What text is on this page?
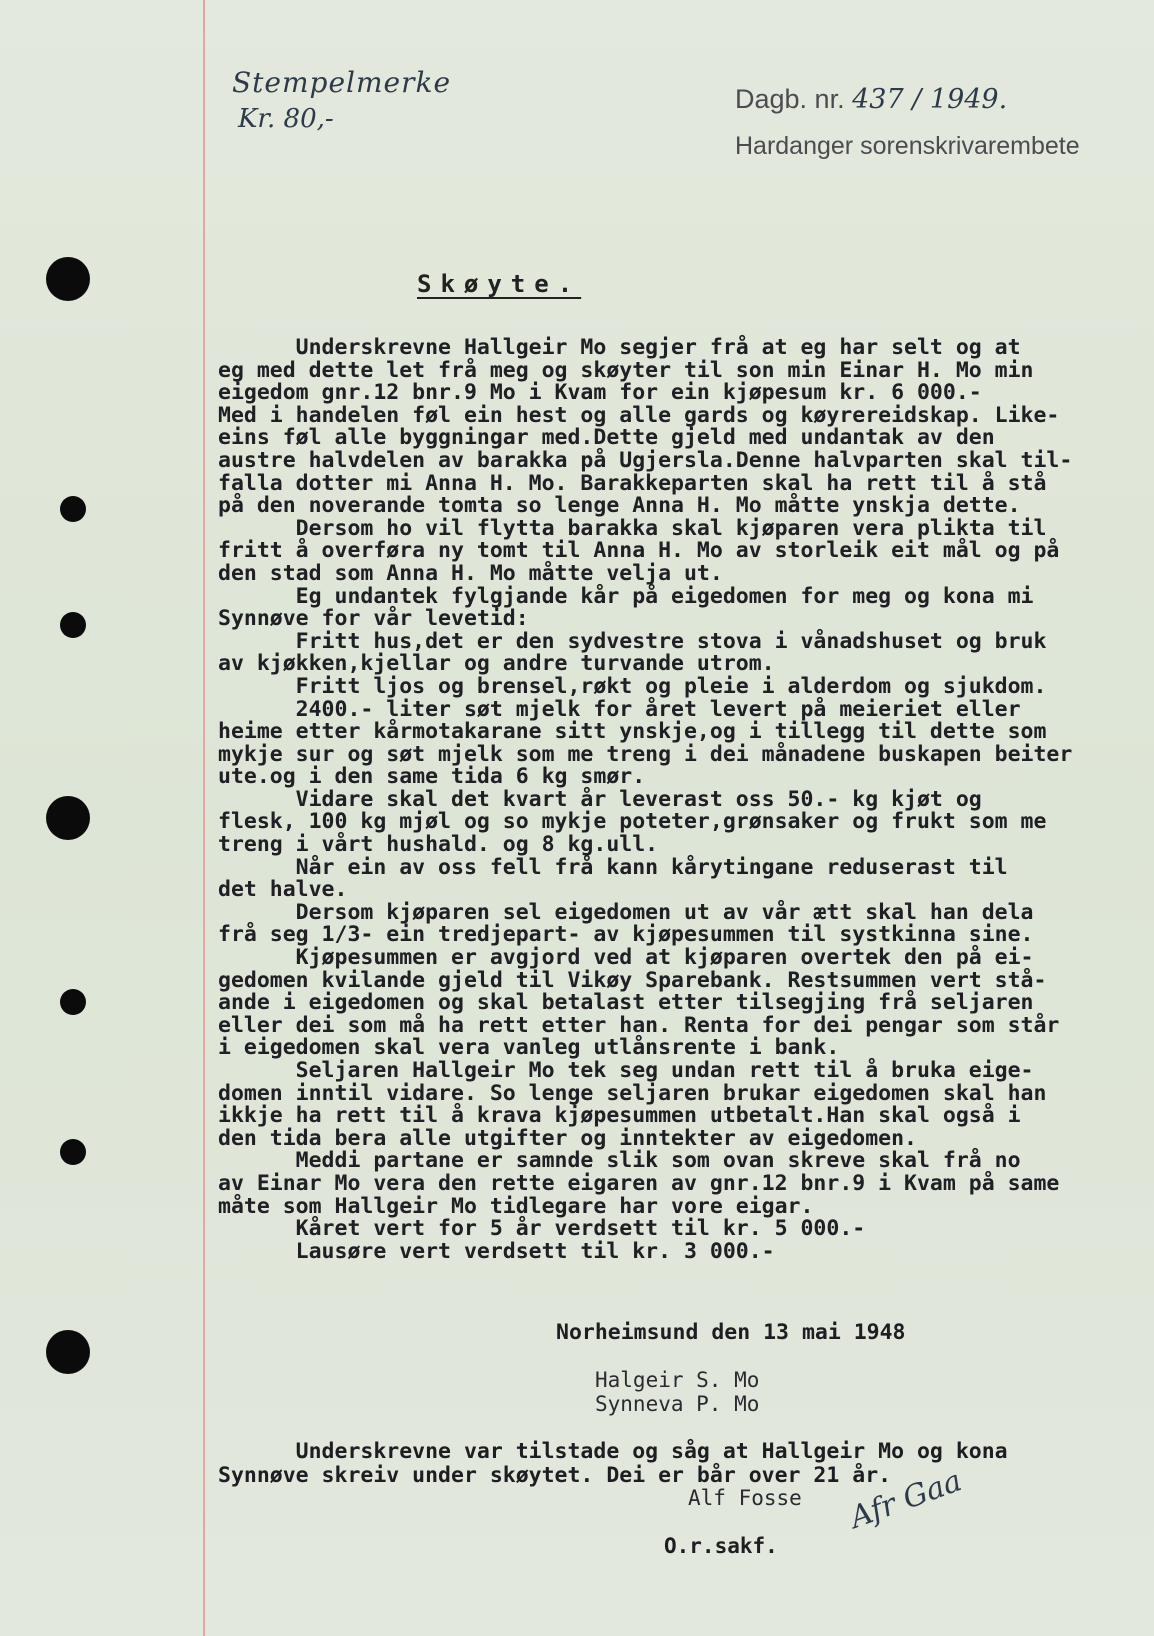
Stempelmerke
Kr. 80,-
Dagb. nr. 437 / 1949.
Hardanger sorenskrivarembete
Skøyte.
Underskrevne Hallgeir Mo segjer frå at eg har selt og at
eg med dette let frå meg og skøyter til son min Einar H. Mo min
eigedom gnr.12 bnr.9 Mo i Kvam for ein kjøpesum kr. 6 000.-
Med i handelen føl ein hest og alle gards og køyrereidskap. Like-
eins føl alle byggningar med.Dette gjeld med undantak av den
austre halvdelen av barakka på Ugjersla.Denne halvparten skal til-
falla dotter mi Anna H. Mo. Barakkeparten skal ha rett til å stå
på den noverande tomta so lenge Anna H. Mo måtte ynskja dette.
Dersom ho vil flytta barakka skal kjøparen vera plikta til
fritt å overføra ny tomt til Anna H. Mo av storleik eit mål og på
den stad som Anna H. Mo måtte velja ut.
Eg undantek fylgjande kår på eigedomen for meg og kona mi
Synnøve for vår levetid:
Fritt hus,det er den sydvestre stova i vånadshuset og bruk
av kjøkken,kjellar og andre turvande utrom.
Fritt ljos og brensel,røkt og pleie i alderdom og sjukdom.
2400.- liter søt mjelk for året levert på meieriet eller
heime etter kårmotakarane sitt ynskje,og i tillegg til dette som
mykje sur og søt mjelk som me treng i dei månadene buskapen beiter
ute.og i den same tida 6 kg smør.
Vidare skal det kvart år leverast oss 50.- kg kjøt og
flesk, 100 kg mjøl og so mykje poteter,grønsaker og frukt som me
treng i vårt hushald. og 8 kg.ull.
Når ein av oss fell frå kann kårytingane reduserast til
det halve.
Dersom kjøparen sel eigedomen ut av vår ætt skal han dela
frå seg 1/3- ein tredjepart- av kjøpesummen til systkinna sine.
Kjøpesummen er avgjord ved at kjøparen overtek den på ei-
gedomen kvilande gjeld til Vikøy Sparebank. Restsummen vert stå-
ande i eigedomen og skal betalast etter tilsegjing frå seljaren
eller dei som må ha rett etter han. Renta for dei pengar som står
i eigedomen skal vera vanleg utlånsrente i bank.
Seljaren Hallgeir Mo tek seg undan rett til å bruka eige-
domen inntil vidare. So lenge seljaren brukar eigedomen skal han
ikkje ha rett til å krava kjøpesummen utbetalt.Han skal også i
den tida bera alle utgifter og inntekter av eigedomen.
Meddi partane er samnde slik som ovan skreve skal frå no
av Einar Mo vera den rette eigaren av gnr.12 bnr.9 i Kvam på same
måte som Hallgeir Mo tidlegare har vore eigar.
Kåret vert for 5 år verdsett til kr. 5 000.-
Lausøre vert verdsett til kr. 3 000.-
Norheimsund den 13 mai 1948
Halgeir S. Mo
Synneva P. Mo
Underskrevne var tilstade og såg at Hallgeir Mo og kona
Synnøve skreiv under skøytet. Dei er bår over 21 år.
Alf Fosse
O.r.sakf.
Afr Gaa
